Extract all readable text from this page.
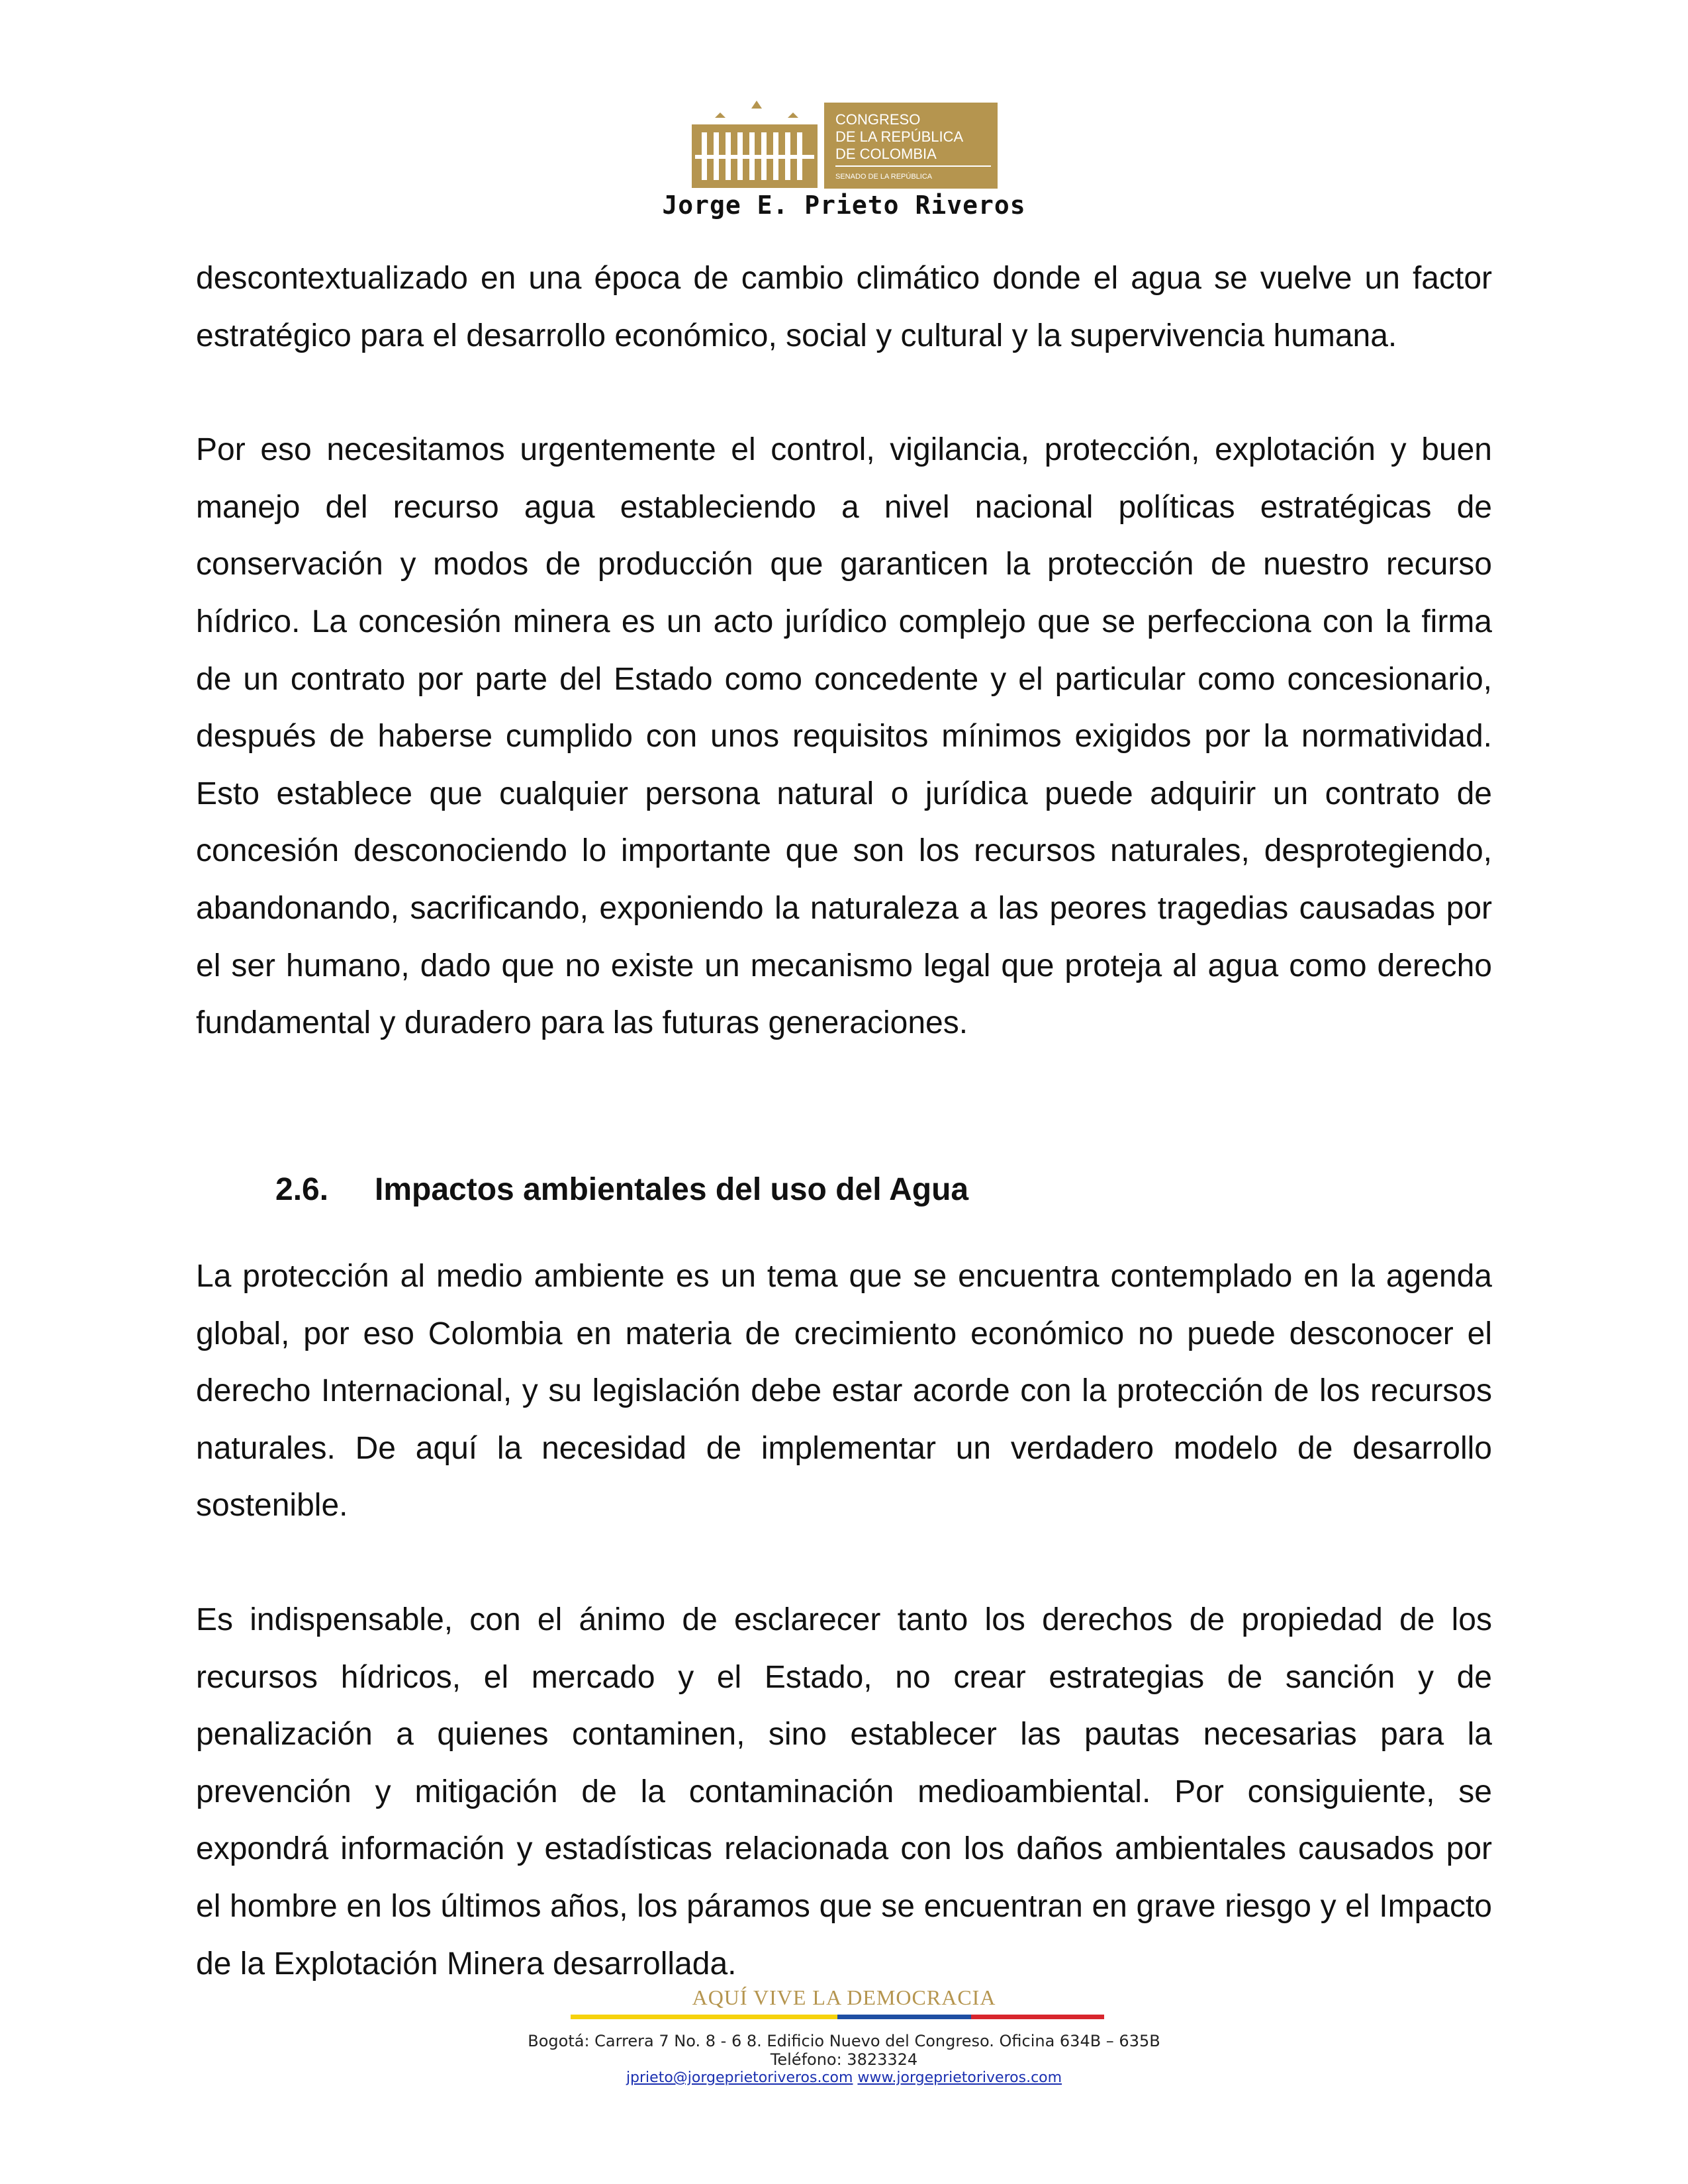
CONGRESO
DE LA REPÚBLICA
DE COLOMBIA
SENADO DE LA REPÚBLICA
Jorge E. Prieto Riveros

descontextualizado en una época de cambio climático donde el agua se vuelve un factor estratégico para el desarrollo económico, social y cultural y la supervivencia humana.

Por eso necesitamos urgentemente el control, vigilancia, protección, explotación y buen manejo del recurso agua estableciendo a nivel nacional políticas estratégicas de conservación y modos de producción que garanticen la protección de nuestro recurso hídrico. La concesión minera es un acto jurídico complejo que se perfecciona con la firma de un contrato por parte del Estado como concedente y el particular como concesionario, después de haberse cumplido con unos requisitos mínimos exigidos por la normatividad. Esto establece que cualquier persona natural o jurídica puede adquirir un contrato de concesión desconociendo lo importante que son los recursos naturales, desprotegiendo, abandonando, sacrificando, exponiendo la naturaleza a las peores tragedias causadas por el ser humano, dado que no existe un mecanismo legal que proteja al agua como derecho fundamental y duradero para las futuras generaciones.

2.6. Impactos ambientales del uso del Agua

La protección al medio ambiente es un tema que se encuentra contemplado en la agenda global, por eso Colombia en materia de crecimiento económico no puede desconocer el derecho Internacional, y su legislación debe estar acorde con la protección de los recursos naturales. De aquí la necesidad de implementar un verdadero modelo de desarrollo sostenible.

Es indispensable, con el ánimo de esclarecer tanto los derechos de propiedad de los recursos hídricos, el mercado y el Estado, no crear estrategias de sanción y de penalización a quienes contaminen, sino establecer las pautas necesarias para la prevención y mitigación de la contaminación medioambiental. Por consiguiente, se expondrá información y estadísticas relacionada con los daños ambientales causados por el hombre en los últimos años, los páramos que se encuentran en grave riesgo y el Impacto de la Explotación Minera desarrollada.

AQUÍ VIVE LA DEMOCRACIA
Bogotá: Carrera 7 No. 8 - 6 8. Edificio Nuevo del Congreso. Oficina 634B – 635B
Teléfono: 3823324
jprieto@jorgeprietoriveros.com www.jorgeprietoriveros.com
